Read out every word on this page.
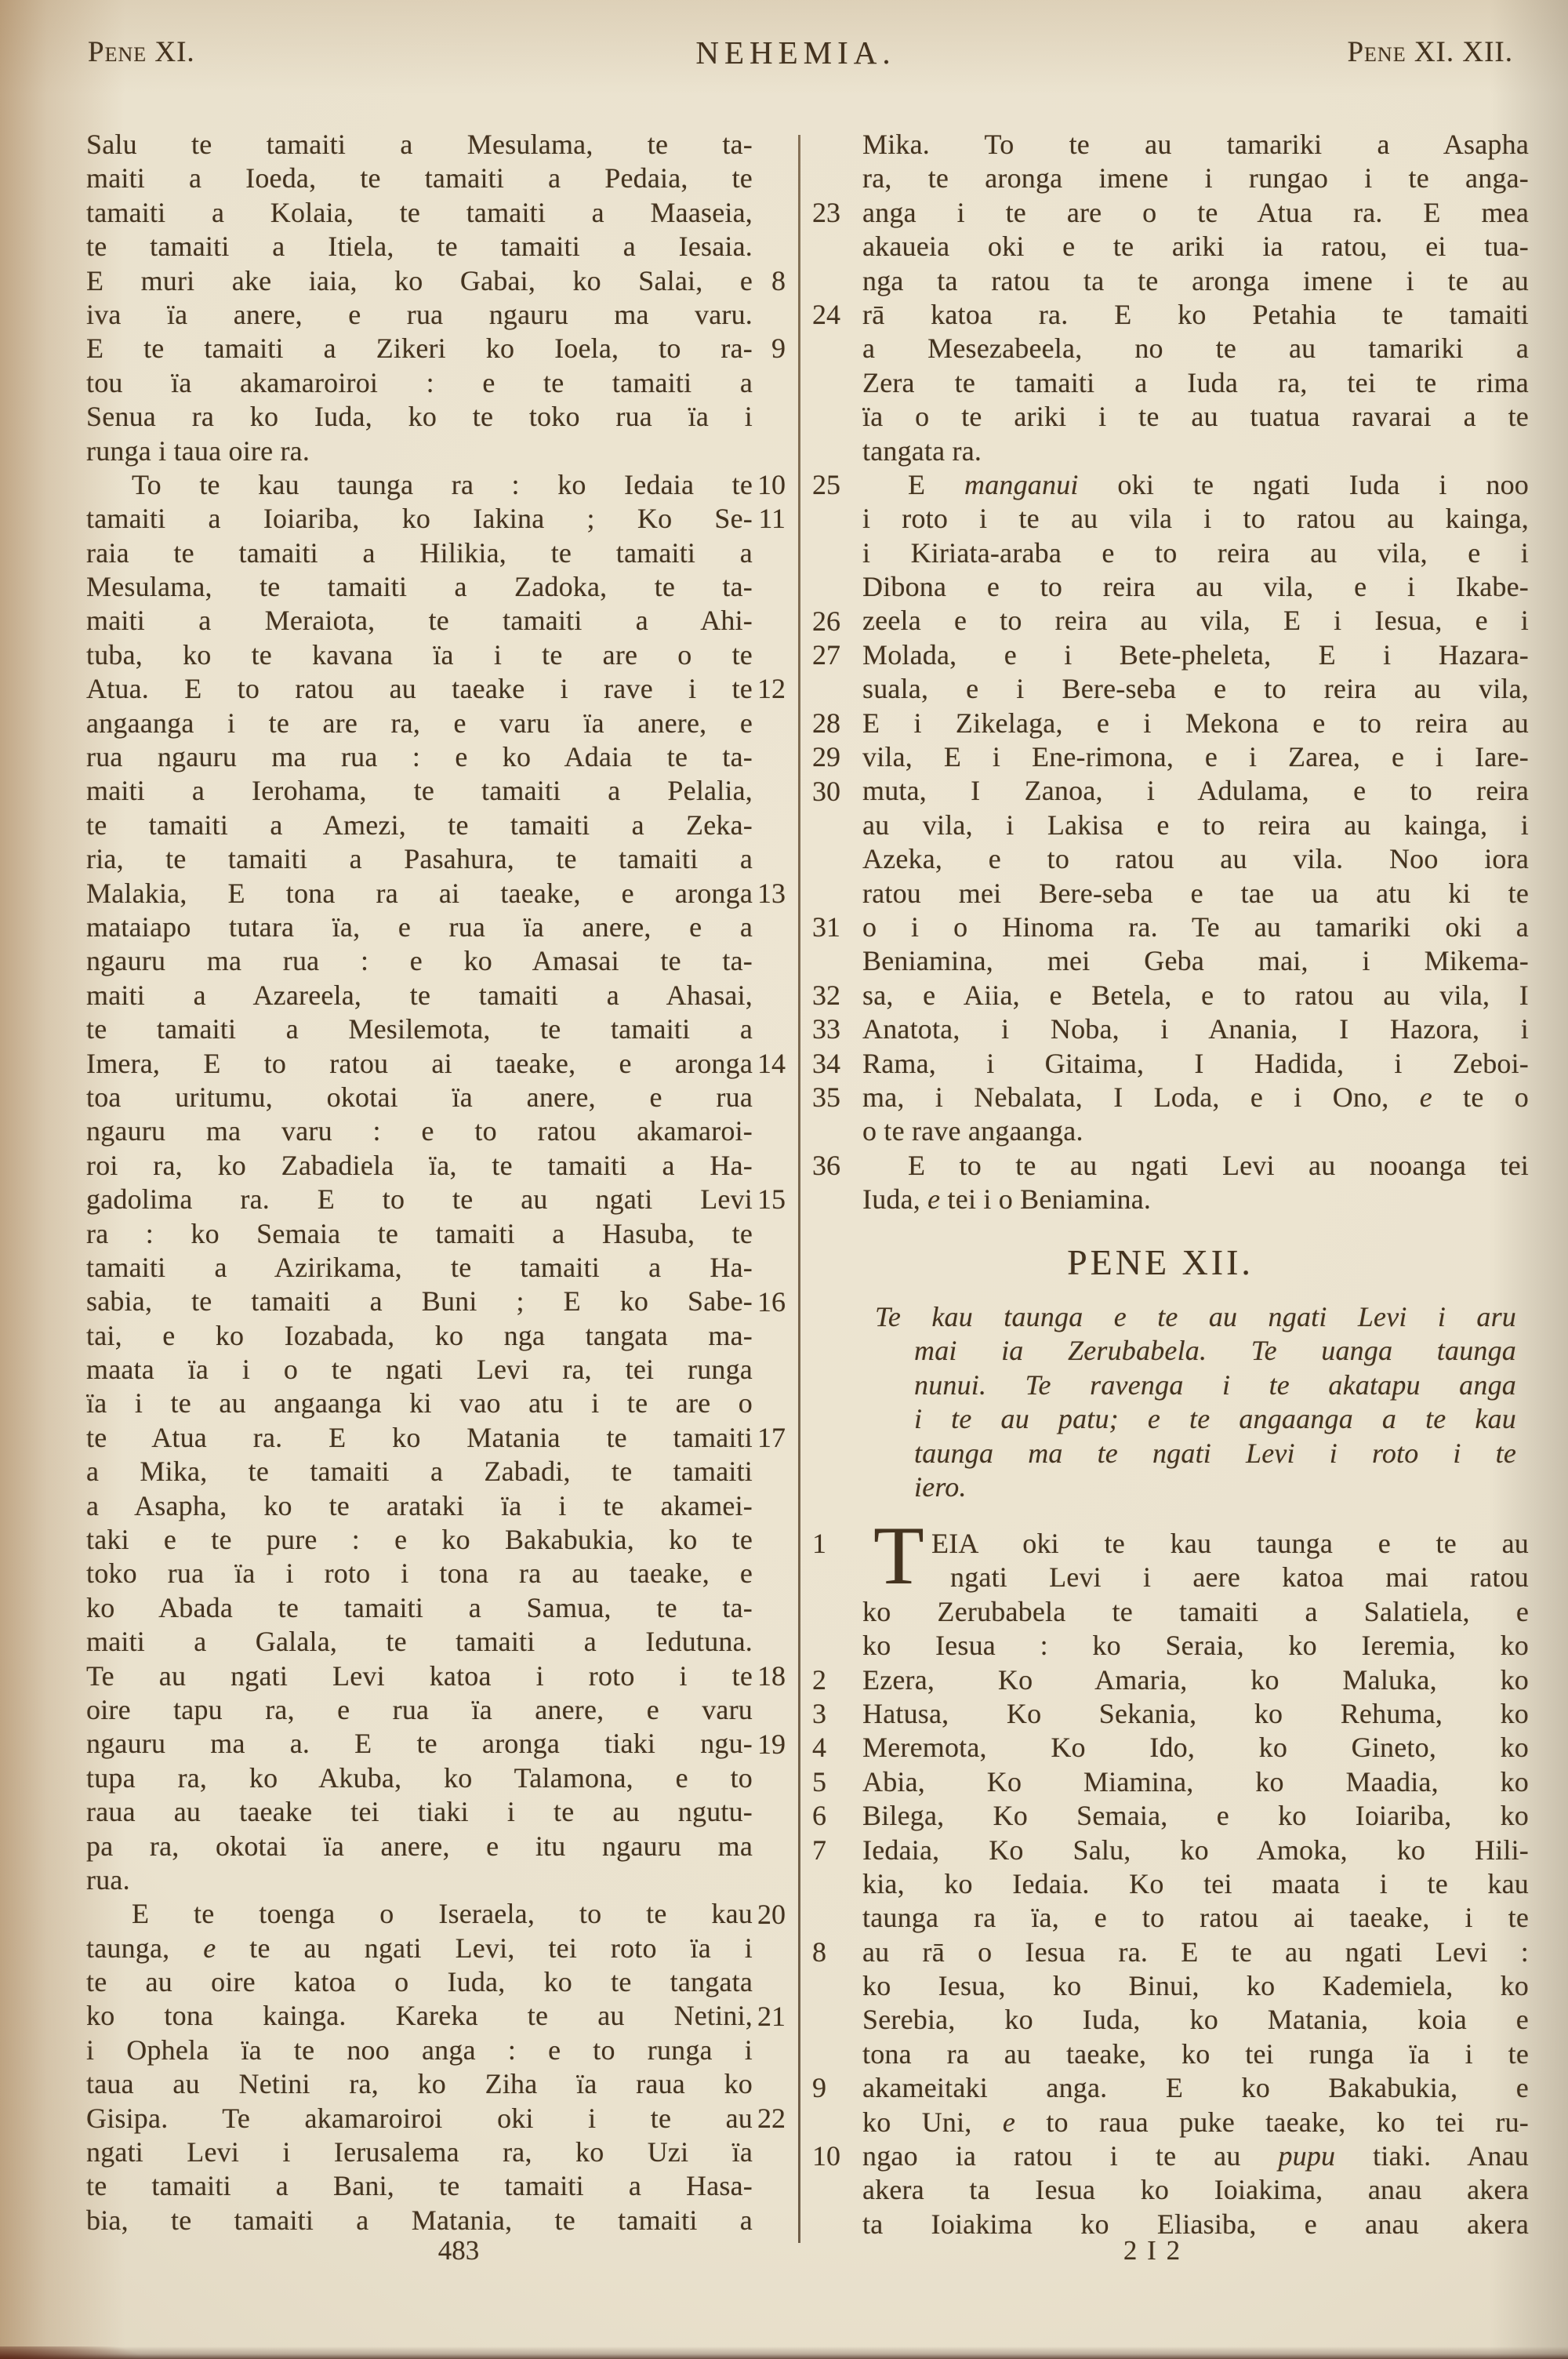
Pene XI.	NEHEMIA.	Pene XI. XII.
8
9
10
11
12
13
14
15
16
17
18
19
20
21
22
23
24
25
26
27
28
29
30
31
32
33
34
35
36
1
2
3
4
5
6
7
8
9
10
Salu te tamaiti a Mesulama, te ta-
maiti a Ioeda, te tamaiti a Pedaia, te
tamaiti a Kolaia, te tamaiti a Maaseia,
te tamaiti a Itiela, te tamaiti a Iesaia.
E muri ake iaia, ko Gabai, ko Salai, e
iva ïa anere, e rua ngauru ma varu.
E te tamaiti a Zikeri ko Ioela, to ra-
tou ïa akamaroiroi : e te tamaiti a
Senua ra ko Iuda, ko te toko rua ïa i
runga i taua oire ra.
To te kau taunga ra : ko Iedaia te
tamaiti a Ioiariba, ko Iakina ; Ko Se-
raia te tamaiti a Hilikia, te tamaiti a
Mesulama, te tamaiti a Zadoka, te ta-
maiti a Meraiota, te tamaiti a Ahi-
tuba, ko te kavana ïa i te are o te
Atua. E to ratou au taeake i rave i te
angaanga i te are ra, e varu ïa anere, e
rua ngauru ma rua : e ko Adaia te ta-
maiti a Ierohama, te tamaiti a Pelalia,
te tamaiti a Amezi, te tamaiti a Zeka-
ria, te tamaiti a Pasahura, te tamaiti a
Malakia, E tona ra ai taeake, e aronga
mataiapo tutara ïa, e rua ïa anere, e a
ngauru ma rua : e ko Amasai te ta-
maiti a Azareela, te tamaiti a Ahasai,
te tamaiti a Mesilemota, te tamaiti a
Imera, E to ratou ai taeake, e aronga
toa uritumu, okotai ïa anere, e rua
ngauru ma varu : e to ratou akamaroi-
roi ra, ko Zabadiela ïa, te tamaiti a Ha-
gadolima ra. E to te au ngati Levi
ra : ko Semaia te tamaiti a Hasuba, te
tamaiti a Azirikama, te tamaiti a Ha-
sabia, te tamaiti a Buni ; E ko Sabe-
tai, e ko Iozabada, ko nga tangata ma-
maata ïa i o te ngati Levi ra, tei runga
ïa i te au angaanga ki vao atu i te are o
te Atua ra. E ko Matania te tamaiti
a Mika, te tamaiti a Zabadi, te tamaiti
a Asapha, ko te arataki ïa i te akamei-
taki e te pure : e ko Bakabukia, ko te
toko rua ïa i roto i tona ra au taeake, e
ko Abada te tamaiti a Samua, te ta-
maiti a Galala, te tamaiti a Iedutuna.
Te au ngati Levi katoa i roto i te
oire tapu ra, e rua ïa anere, e varu
ngauru ma a. E te aronga tiaki ngu-
tupa ra, ko Akuba, ko Talamona, e to
raua au taeake tei tiaki i te au ngutu-
pa ra, okotai ïa anere, e itu ngauru ma
rua.
E te toenga o Iseraela, to te kau
taunga, e te au ngati Levi, tei roto ïa i
te au oire katoa o Iuda, ko te tangata
ko tona kainga. Kareka te au Netini,
i Ophela ïa te noo anga : e to runga i
taua au Netini ra, ko Ziha ïa raua ko
Gisipa. Te akamaroiroi oki i te au
ngati Levi i Ierusalema ra, ko Uzi ïa
te tamaiti a Bani, te tamaiti a Hasa-
bia, te tamaiti a Matania, te tamaiti a
Mika. To te au tamariki a Asapha
ra, te aronga imene i rungao i te anga-
anga i te are o te Atua ra. E mea
akaueia oki e te ariki ia ratou, ei tua-
nga ta ratou ta te aronga imene i te au
rā katoa ra. E ko Petahia te tamaiti
a Mesezabeela, no te au tamariki a
Zera te tamaiti a Iuda ra, tei te rima
ïa o te ariki i te au tuatua ravarai a te
tangata ra.
E manganui oki te ngati Iuda i noo
i roto i te au vila i to ratou au kainga,
i Kiriata-araba e to reira au vila, e i
Dibona e to reira au vila, e i Ikabe-
zeela e to reira au vila, E i Iesua, e i
Molada, e i Bete-pheleta, E i Hazara-
suala, e i Bere-seba e to reira au vila,
E i Zikelaga, e i Mekona e to reira au
vila, E i Ene-rimona, e i Zarea, e i Iare-
muta, I Zanoa, i Adulama, e to reira
au vila, i Lakisa e to reira au kainga, i
Azeka, e to ratou au vila. Noo iora
ratou mei Bere-seba e tae ua atu ki te
o i o Hinoma ra. Te au tamariki oki a
Beniamina, mei Geba mai, i Mikema-
sa, e Aiia, e Betela, e to ratou au vila, I
Anatota, i Noba, i Anania, I Hazora, i
Rama, i Gitaima, I Hadida, i Zeboi-
ma, i Nebalata, I Loda, e i Ono, e te o
o te rave angaanga.
E to te au ngati Levi au nooanga tei
Iuda, e tei i o Beniamina.
PENE XII.
Te kau taunga e te au ngati Levi i aru
mai ia Zerubabela. Te uanga taunga
nunui. Te ravenga i te akatapu anga
i te au patu; e te angaanga a te kau
taunga ma te ngati Levi i roto i te
iero.
T EIA oki te kau taunga e te au
ngati Levi i aere katoa mai ratou
ko Zerubabela te tamaiti a Salatiela, e
ko Iesua : ko Seraia, ko Ieremia, ko
Ezera, Ko Amaria, ko Maluka, ko
Hatusa, Ko Sekania, ko Rehuma, ko
Meremota, Ko Ido, ko Gineto, ko
Abia, Ko Miamina, ko Maadia, ko
Bilega, Ko Semaia, e ko Ioiariba, ko
Iedaia, Ko Salu, ko Amoka, ko Hili-
kia, ko Iedaia. Ko tei maata i te kau
taunga ra ïa, e to ratou ai taeake, i te
au rā o Iesua ra. E te au ngati Levi :
ko Iesua, ko Binui, ko Kademiela, ko
Serebia, ko Iuda, ko Matania, koia e
tona ra au taeake, ko tei runga ïa i te
akameitaki anga. E ko Bakabukia, e
ko Uni, e to raua puke taeake, ko tei ru-
ngao ia ratou i te au pupu tiaki. Anau
akera ta Iesua ko Ioiakima, anau akera
ta Ioiakima ko Eliasiba, e anau akera
483	2 I 2
